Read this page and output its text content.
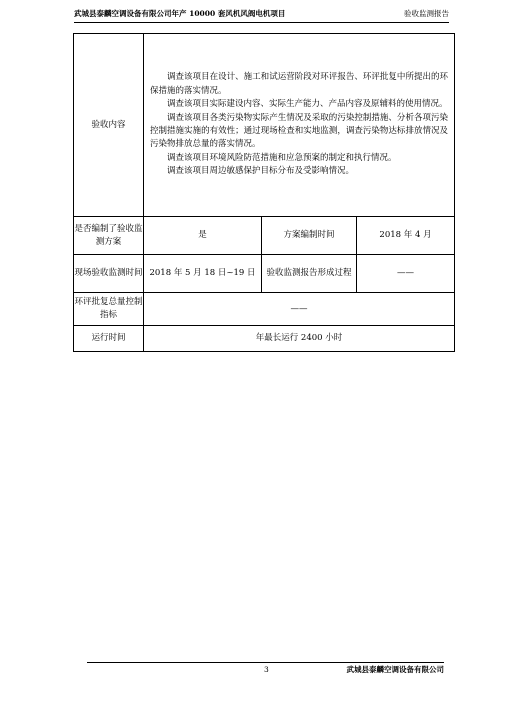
武城县泰麟空调设备有限公司年产 10000 套风机风阀电机项目	验收监测报告
验收内容	调查该项目在设计、施工和试运营阶段对环评报告、环评批复中所提出的环保措施的落实情况。

调查该项目实际建设内容、实际生产能力、产品内容及原辅料的使用情况。

调查该项目各类污染物实际产生情况及采取的污染控制措施、分析各项污染控制措施实施的有效性；通过现场检查和实地监测，调查污染物达标排放情况及污染物排放总量的落实情况。

调查该项目环境风险防范措施和应急预案的制定和执行情况。

调查该项目周边敏感保护目标分布及受影响情况。		

是否编制了验收监测方案	是	方案编制时间	2018 年 4 月
现场验收监测时间	2018 年 5 月 18 日~19 日	验收监测报告形成过程	——
环评批复总量控制指标	——		
运行时间	年最长运行 2400 小时		
3	武城县泰麟空调设备有限公司
